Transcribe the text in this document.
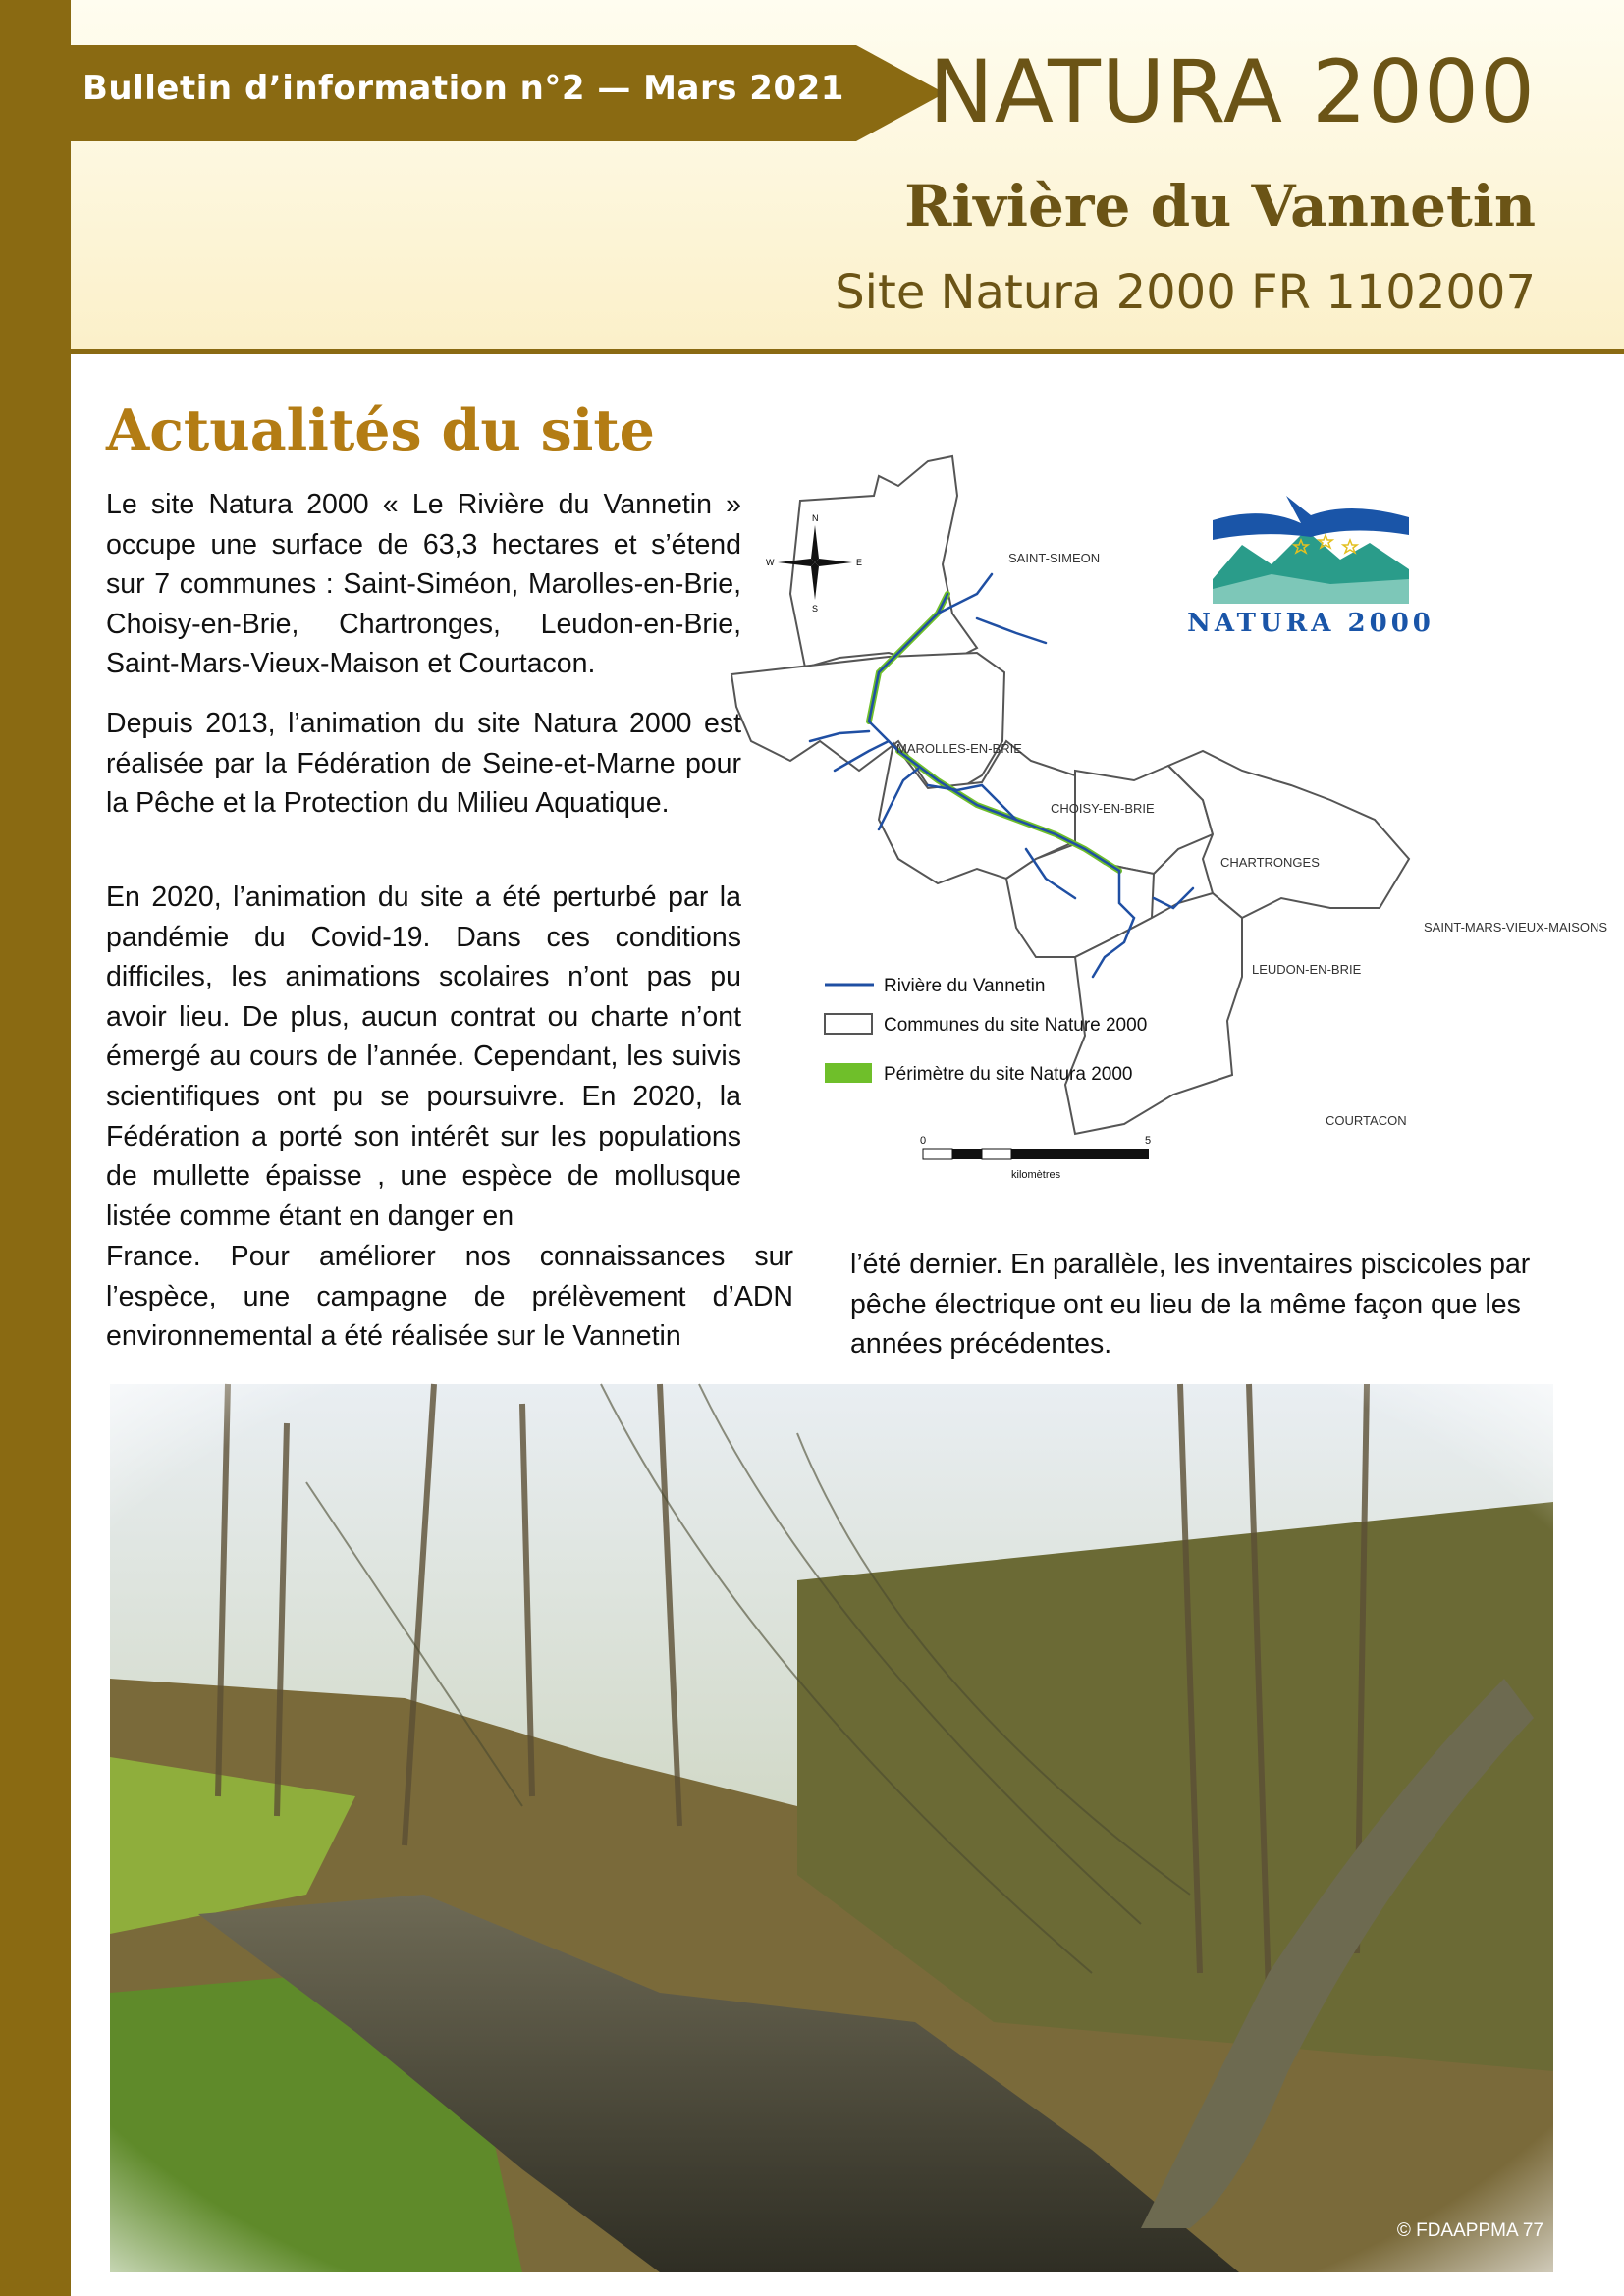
Bulletin d’information n°2 — Mars 2021 NATURA 2000
Rivière du Vannetin
Site Natura 2000 FR 1102007
Actualités du site

Le site Natura 2000 « Le Rivière du Vannetin » occupe une surface de 63,3 hectares et s’étend sur 7 communes : Saint-Siméon, Marolles-en-Brie, Choisy-en-Brie, Chartronges, Leudon-en-Brie, Saint-Mars-Vieux-Maison et Courtacon.

Depuis 2013, l’animation du site Natura 2000 est réalisée par la Fédération de Seine-et-Marne pour la Pêche et la Protection du Milieu Aquatique.

En 2020, l’animation du site a été perturbé par la pandémie du Covid-19. Dans ces conditions difficiles, les animations scolaires n’ont pas pu avoir lieu. De plus, aucun contrat ou charte n’ont émergé au cours de l’année. Cependant, les suivis scientifiques ont pu se poursuivre. En 2020, la Fédération a porté son intérêt sur les populations de mullette épaisse , une espèce de mollusque listée comme étant en danger en

France. Pour améliorer nos connaissances sur l’espèce, une campagne de prélèvement d’ADN environnemental a été réalisée sur le Vannetin

l’été dernier. En parallèle, les inventaires piscicoles par pêche électrique ont eu lieu de la même façon que les années précédentes.

SAINT-SIMEON
MAROLLES-EN-BRIE
CHOISY-EN-BRIE
CHARTRONGES
SAINT-MARS-VIEUX-MAISONS
LEUDON-EN-BRIE
COURTACON
N
S
E
W
NATURA 2000
Rivière du Vannetin
Communes du site Nature 2000
Périmètre du site Natura 2000
0	5
kilomètres
© FDAAPPMA 77
